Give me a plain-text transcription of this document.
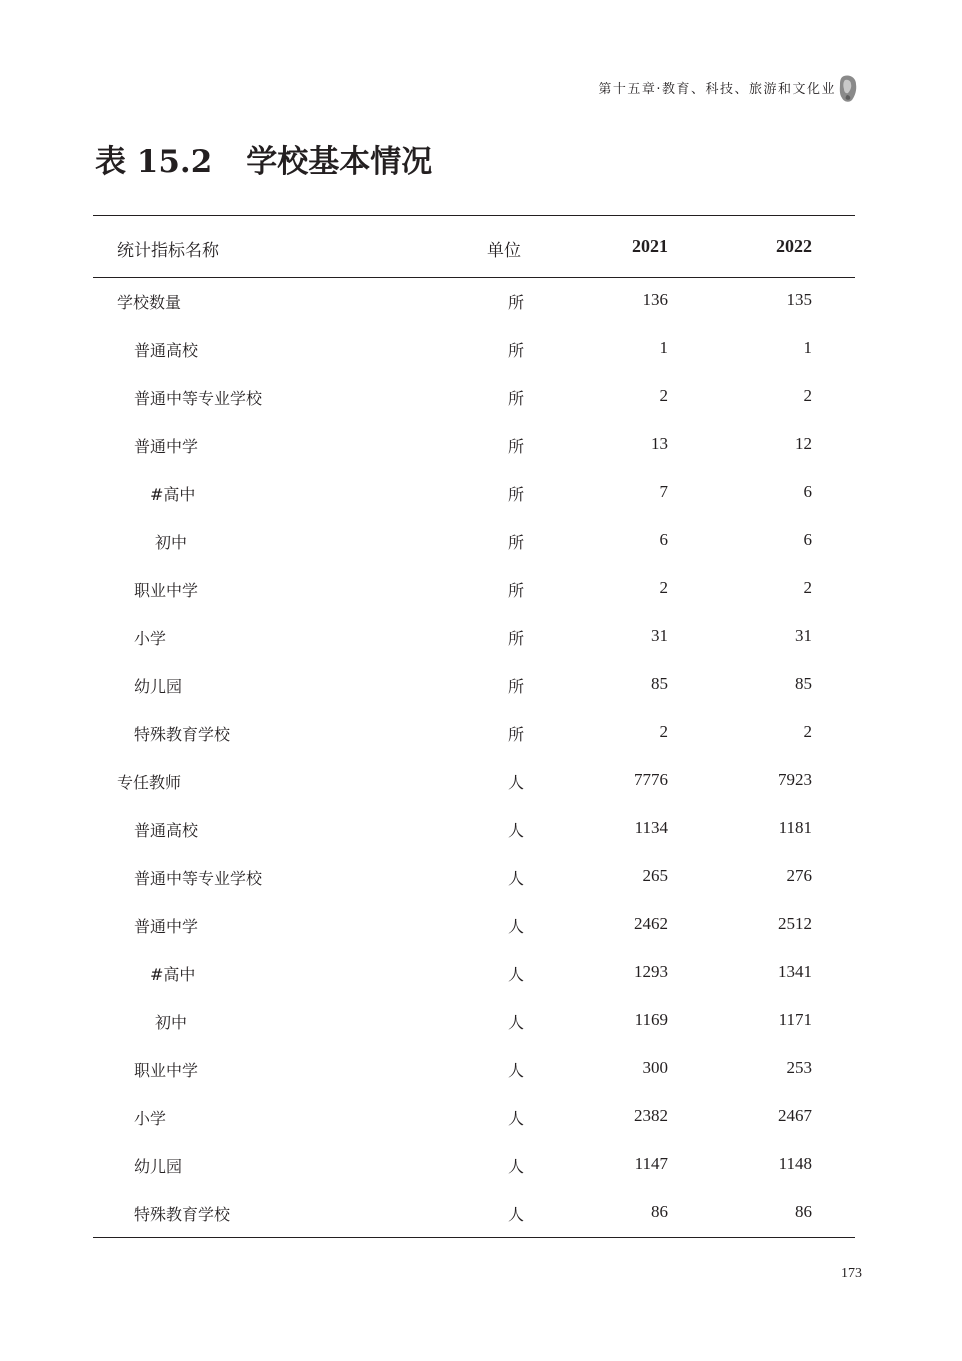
第十五章·教育、科技、旅游和文化业
表 15.2 学校基本情况
统计指标名称	单位	2021	2022
学校数量	所	136	135
普通高校	所	1	1
普通中等专业学校	所	2	2
普通中学	所	13	12
#高中	所	7	6
初中	所	6	6
职业中学	所	2	2
小学	所	31	31
幼儿园	所	85	85
特殊教育学校	所	2	2
专任教师	人	7776	7923
普通高校	人	1134	1181
普通中等专业学校	人	265	276
普通中学	人	2462	2512
#高中	人	1293	1341
初中	人	1169	1171
职业中学	人	300	253
小学	人	2382	2467
幼儿园	人	1147	1148
特殊教育学校	人	86	86
173
